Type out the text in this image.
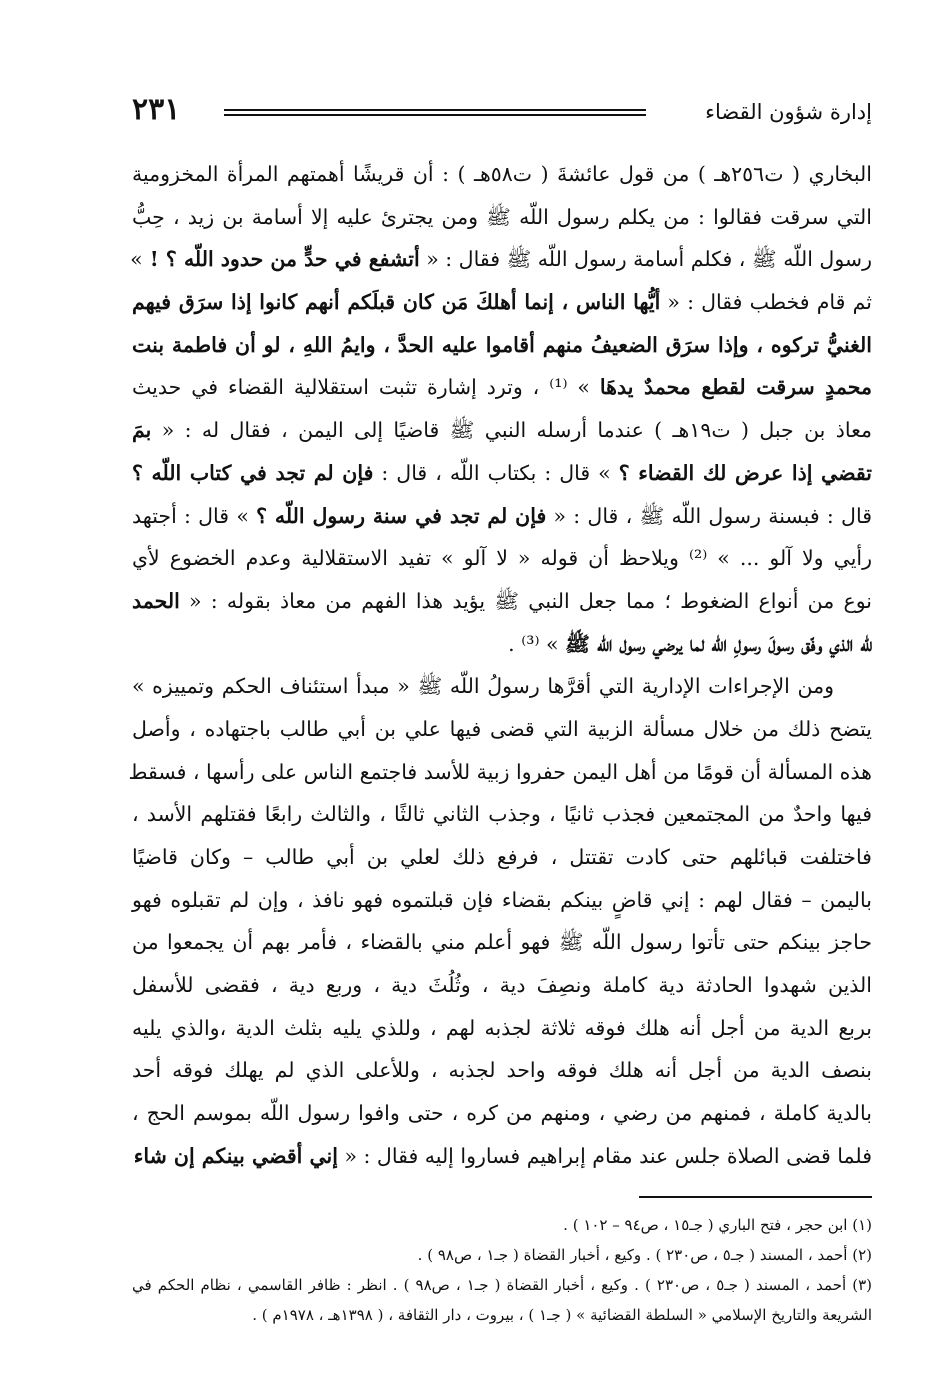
إدارة شؤون القضاء
٢٣١
البخاري ( ت٢٥٦هـ ) من قول عائشةَ ( ت٥٨هـ ) : أن قريشًا أهمتهم المرأة المخزومية
التي سرقت فقالوا : من يكلم رسول اللّه ﷺ ومن يجترئ عليه إلا أسامة بن زيد ، حِبُّ
رسول اللّه ﷺ ، فكلم أسامة رسول اللّه ﷺ فقال : « أتشفع في حدٍّ من حدود اللّه ؟ ! »
ثم قام فخطب فقال : « أيُّها الناس ، إنما أهلكَ مَن كان قبلَكم أنهم كانوا إذا سرَق فيهم
الغنيُّ تركوه ، وإذا سرَق الضعيفُ منهم أقاموا عليه الحدَّ ، وايمُ اللهِ ، لو أن فاطمة بنت
محمدٍ سرقت لقطع محمدٌ يدهَا » ⁽¹⁾ ، وترد إشارة تثبت استقلالية القضاء في حديث
معاذ بن جبل ( ت١٩هـ ) عندما أرسله النبي ﷺ قاضيًا إلى اليمن ، فقال له : « بمَ
تقضي إذا عرض لك القضاء ؟ » قال : بكتاب اللّه ، قال : فإن لم تجد في كتاب اللّه ؟
قال : فبسنة رسول اللّه ﷺ ، قال : « فإن لم تجد في سنة رسول اللّه ؟ » قال : أجتهد
رأيي ولا آلو ... » ⁽²⁾ ويلاحظ أن قوله « لا آلو » تفيد الاستقلالية وعدم الخضوع لأي
نوع من أنواع الضغوط ؛ مما جعل النبي ﷺ يؤيد هذا الفهم من معاذ بقوله : « الحمد
للّه الذي وفّق رسولَ رسولِ اللّه لما يرضي رسول اللّه ﷺ » ⁽³⁾ .
ومن الإجراءات الإدارية التي أقرَّها رسولُ اللّه ﷺ « مبدأ استئناف الحكم وتمييزه »
يتضح ذلك من خلال مسألة الزبية التي قضى فيها علي بن أبي طالب باجتهاده ، وأصل
هذه المسألة أن قومًا من أهل اليمن حفروا زبية للأسد فاجتمع الناس على رأسها ، فسقط
فيها واحدٌ من المجتمعين فجذب ثانيًا ، وجذب الثاني ثالثًا ، والثالث رابعًا فقتلهم الأسد ،
فاختلفت قبائلهم حتى كادت تقتتل ، فرفع ذلك لعلي بن أبي طالب – وكان قاضيًا
باليمن – فقال لهم : إني قاضٍ بينكم بقضاء فإن قبلتموه فهو نافذ ، وإن لم تقبلوه فهو
حاجز بينكم حتى تأتوا رسول اللّه ﷺ فهو أعلم مني بالقضاء ، فأمر بهم أن يجمعوا من
الذين شهدوا الحادثة دية كاملة ونصِفَ دية ، وثُلُثَ دية ، وربع دية ، فقضى للأسفل
بربع الدية من أجل أنه هلك فوقه ثلاثة لجذبه لهم ، وللذي يليه بثلث الدية ،والذي يليه
بنصف الدية من أجل أنه هلك فوقه واحد لجذبه ، وللأعلى الذي لم يهلك فوقه أحد
بالدية كاملة ، فمنهم من رضي ، ومنهم من كره ، حتى وافوا رسول اللّه بموسم الحج ،
فلما قضى الصلاة جلس عند مقام إبراهيم فساروا إليه فقال : « إني أقضي بينكم إن شاء
(١) ابن حجر ، فتح الباري ( جـ١٥ ، ص٩٤ – ١٠٢ ) .
(٢) أحمد ، المسند ( جـ٥ ، ص٢٣٠ ) . وكيع ، أخبار القضاة ( جـ١ ، ص٩٨ ) .
(٣) أحمد ، المسند ( جـ٥ ، ص٢٣٠ ) . وكيع ، أخبار القضاة ( جـ١ ، ص٩٨ ) . انظر : ظافر القاسمي ، نظام الحكم في
الشريعة والتاريخ الإسلامي « السلطة القضائية » ( جـ١ ) ، بيروت ، دار الثقافة ، ( ١٣٩٨هـ ، ١٩٧٨م ) .
